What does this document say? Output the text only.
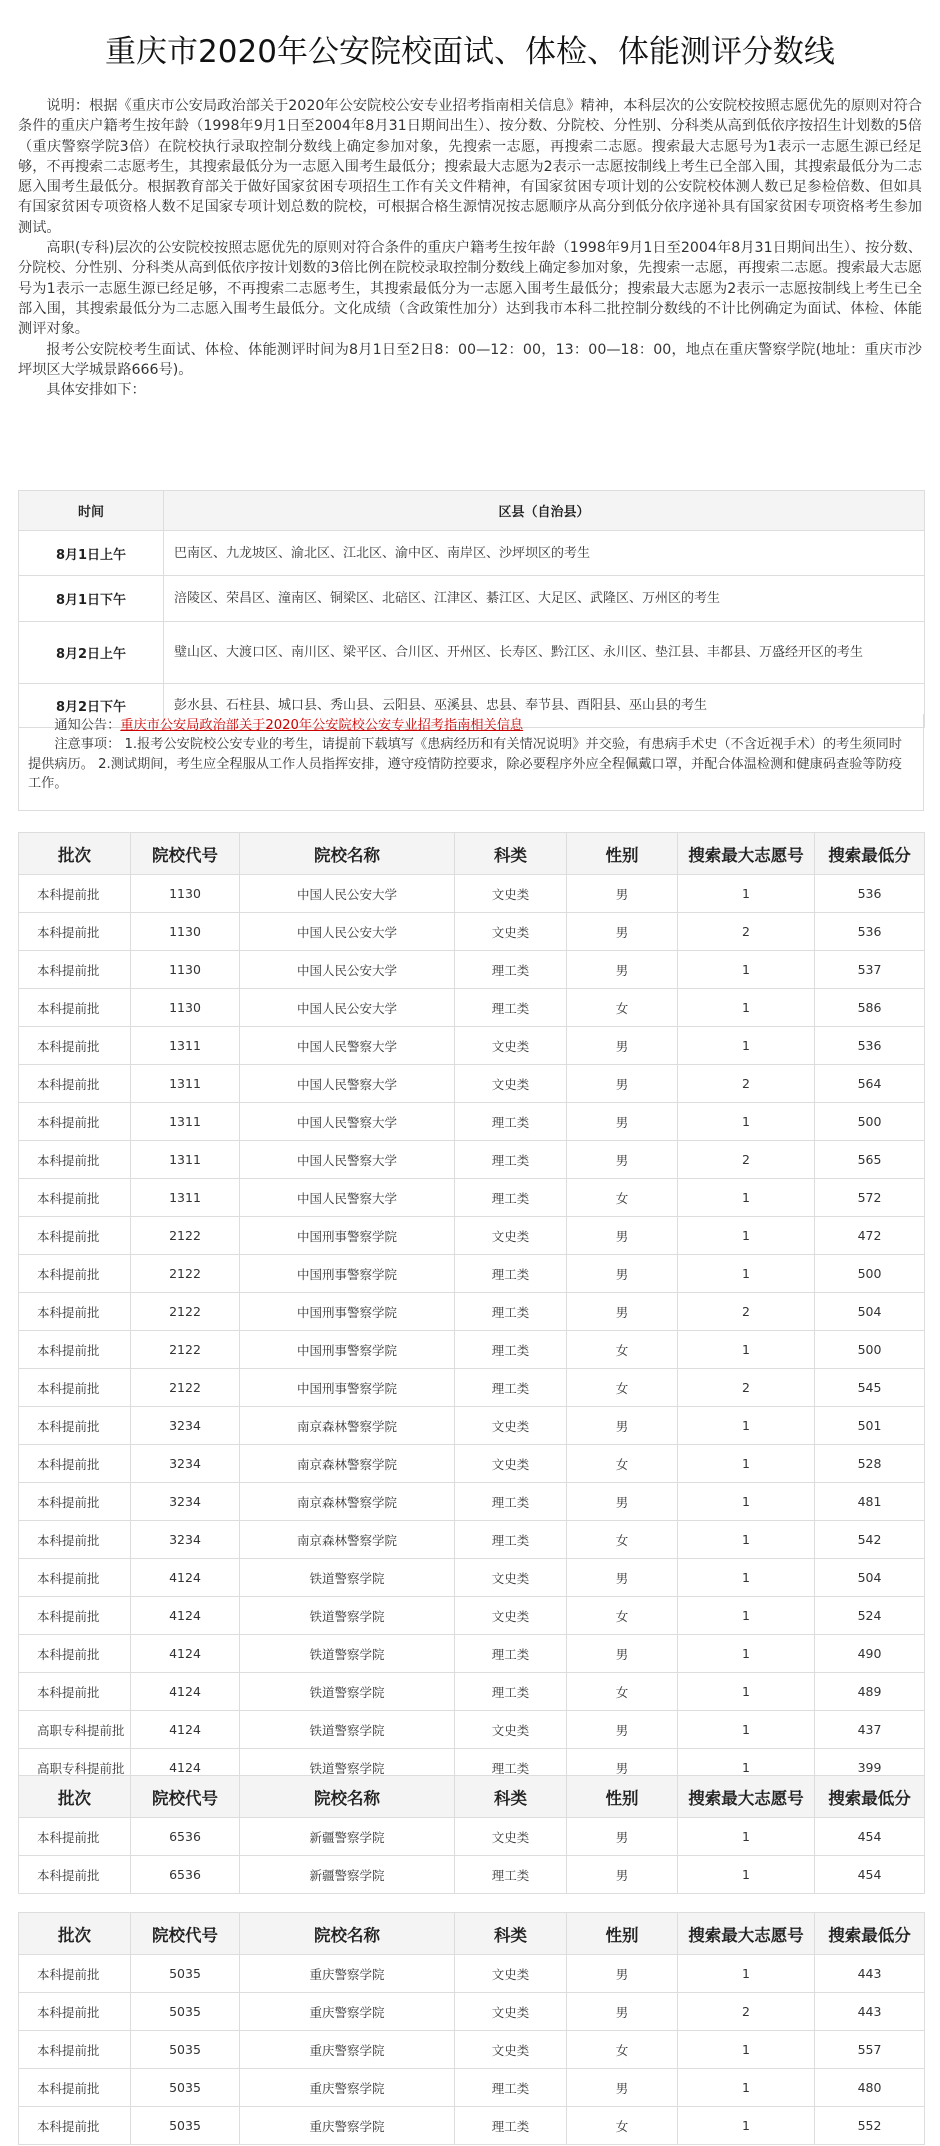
重庆市2020年公安院校面试、体检、体能测评分数线

说明：根据《重庆市公安局政治部关于2020年公安院校公安专业招考指南相关信息》精神，本科层次的公安院校按照志愿优先的原则对符合条件的重庆户籍考生按年龄（1998年9月1日至2004年8月31日期间出生）、按分数、分院校、分性别、分科类从高到低依序按招生计划数的5倍（重庆警察学院3倍）在院校执行录取控制分数线上确定参加对象，先搜索一志愿，再搜索二志愿。搜索最大志愿号为1表示一志愿生源已经足够，不再搜索二志愿考生，其搜索最低分为一志愿入围考生最低分；搜索最大志愿为2表示一志愿按制线上考生已全部入围，其搜索最低分为二志愿入围考生最低分。根据教育部关于做好国家贫困专项招生工作有关文件精神，有国家贫困专项计划的公安院校体测人数已足参检倍数、但如具有国家贫困专项资格人数不足国家专项计划总数的院校，可根据合格生源情况按志愿顺序从高分到低分依序递补具有国家贫困专项资格考生参加测试。

高职(专科)层次的公安院校按照志愿优先的原则对符合条件的重庆户籍考生按年龄（1998年9月1日至2004年8月31日期间出生）、按分数、分院校、分性别、分科类从高到低依序按计划数的3倍比例在院校录取控制分数线上确定参加对象，先搜索一志愿，再搜索二志愿。搜索最大志愿号为1表示一志愿生源已经足够，不再搜索二志愿考生，其搜索最低分为一志愿入围考生最低分；搜索最大志愿为2表示一志愿按制线上考生已全部入围，其搜索最低分为二志愿入围考生最低分。文化成绩（含政策性加分）达到我市本科二批控制分数线的不计比例确定为面试、体检、体能测评对象。

报考公安院校考生面试、体检、体能测评时间为8月1日至2日8：00—12：00，13：00—18：00，地点在重庆警察学院(地址：重庆市沙坪坝区大学城景路666号)。

具体安排如下：

时间	区县（自治县）
8月1日上午	巴南区、九龙坡区、渝北区、江北区、渝中区、南岸区、沙坪坝区的考生
8月1日下午	涪陵区、荣昌区、潼南区、铜梁区、北碚区、江津区、綦江区、大足区、武隆区、万州区的考生
8月2日上午	璧山区、大渡口区、南川区、梁平区、合川区、开州区、长寿区、黔江区、永川区、垫江县、丰都县、万盛经开区的考生
8月2日下午	彭水县、石柱县、城口县、秀山县、云阳县、巫溪县、忠县、奉节县、酉阳县、巫山县的考生

  通知公告：重庆市公安局政治部关于2020年公安院校公安专业招考指南相关信息

  注意事项： 1.报考公安院校公安专业的考生，请提前下载填写《患病经历和有关情况说明》并交验，有患病手术史（不含近视手术）的考生须同时提供病历。 2.测试期间，考生应全程服从工作人员指挥安排，遵守疫情防控要求，除必要程序外应全程佩戴口罩，并配合体温检测和健康码查验等防疫工作。

批次	院校代号	院校名称	科类	性别	搜索最大志愿号	搜索最低分
本科提前批	1130	中国人民公安大学	文史类	男	1	536
本科提前批	1130	中国人民公安大学	文史类	男	2	536
本科提前批	1130	中国人民公安大学	理工类	男	1	537
本科提前批	1130	中国人民公安大学	理工类	女	1	586
本科提前批	1311	中国人民警察大学	文史类	男	1	536
本科提前批	1311	中国人民警察大学	文史类	男	2	564
本科提前批	1311	中国人民警察大学	理工类	男	1	500
本科提前批	1311	中国人民警察大学	理工类	男	2	565
本科提前批	1311	中国人民警察大学	理工类	女	1	572
本科提前批	2122	中国刑事警察学院	文史类	男	1	472
本科提前批	2122	中国刑事警察学院	理工类	男	1	500
本科提前批	2122	中国刑事警察学院	理工类	男	2	504
本科提前批	2122	中国刑事警察学院	理工类	女	1	500
本科提前批	2122	中国刑事警察学院	理工类	女	2	545
本科提前批	3234	南京森林警察学院	文史类	男	1	501
本科提前批	3234	南京森林警察学院	文史类	女	1	528
本科提前批	3234	南京森林警察学院	理工类	男	1	481
本科提前批	3234	南京森林警察学院	理工类	女	1	542
本科提前批	4124	铁道警察学院	文史类	男	1	504
本科提前批	4124	铁道警察学院	文史类	女	1	524
本科提前批	4124	铁道警察学院	理工类	男	1	490
本科提前批	4124	铁道警察学院	理工类	女	1	489
高职专科提前批	4124	铁道警察学院	文史类	男	1	437
高职专科提前批	4124	铁道警察学院	理工类	男	1	399
批次	院校代号	院校名称	科类	性别	搜索最大志愿号	搜索最低分
本科提前批	6536	新疆警察学院	文史类	男	1	454
本科提前批	6536	新疆警察学院	理工类	男	1	454
批次	院校代号	院校名称	科类	性别	搜索最大志愿号	搜索最低分
本科提前批	5035	重庆警察学院	文史类	男	1	443
本科提前批	5035	重庆警察学院	文史类	男	2	443
本科提前批	5035	重庆警察学院	文史类	女	1	557
本科提前批	5035	重庆警察学院	理工类	男	1	480
本科提前批	5035	重庆警察学院	理工类	女	1	552
